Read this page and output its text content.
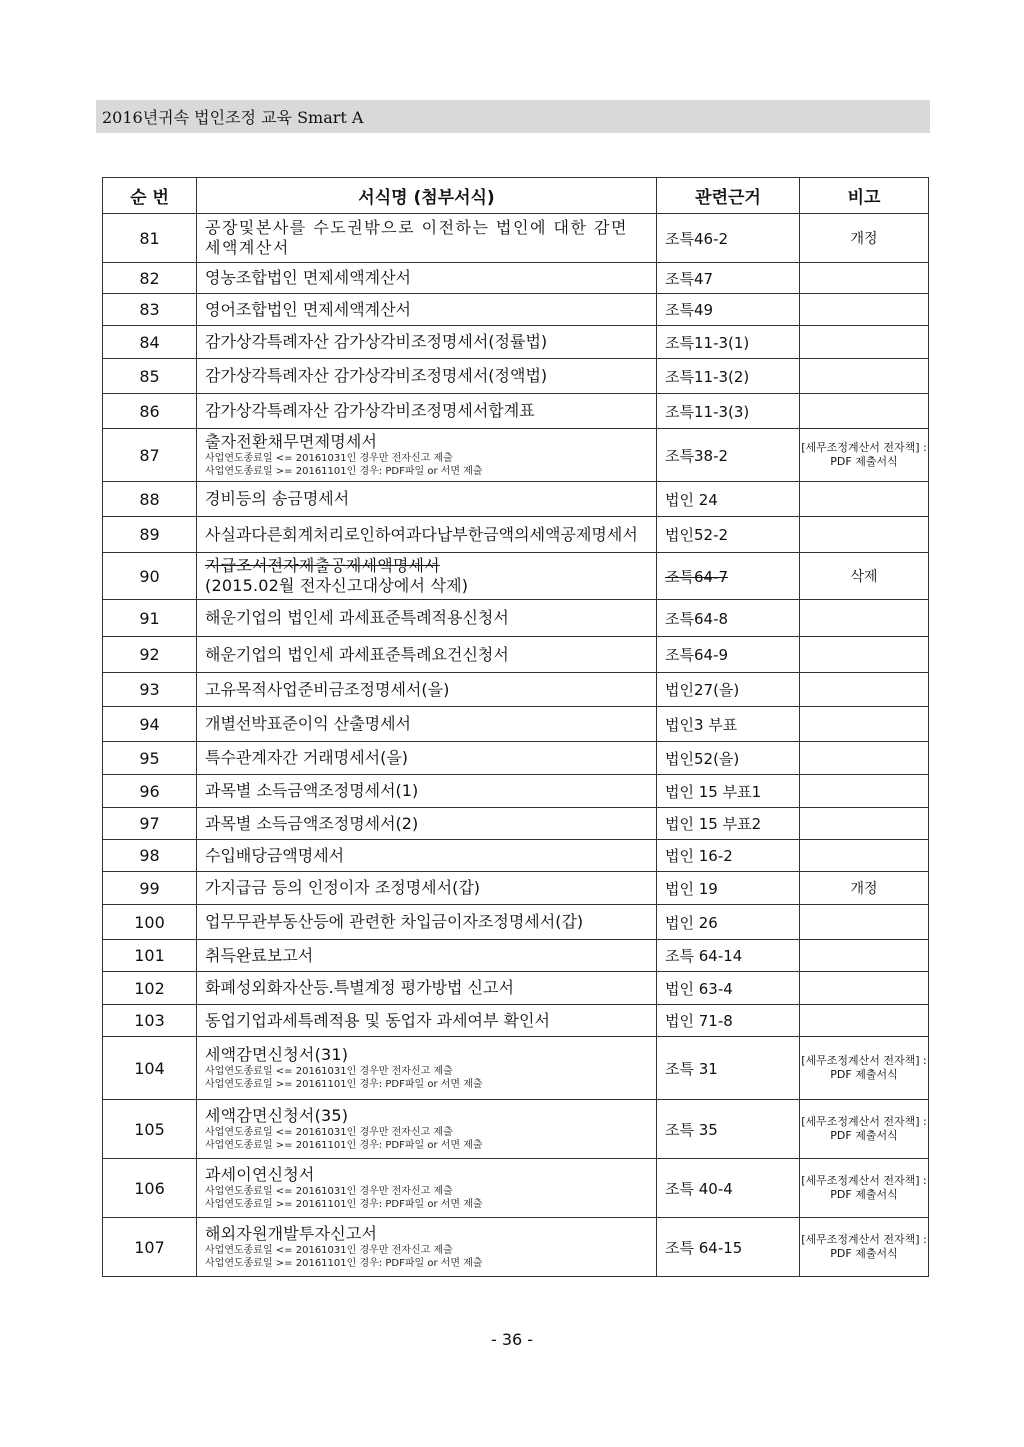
2016년귀속 법인조정 교육 Smart A
순 번	서식명 (첨부서식)	관련근거	비고
81	공장및본사를 수도권밖으로 이전하는 법인에 대한 감면 세액계산서	조특46-2	개정
82	영농조합법인 면제세액계산서	조특47	
83	영어조합법인 면제세액계산서	조특49	
84	감가상각특례자산 감가상각비조정명세서(정률법)	조특11-3(1)	
85	감가상각특례자산 감가상각비조정명세서(정액법)	조특11-3(2)	
86	감가상각특례자산 감가상각비조정명세서합계표	조특11-3(3)	
87	출자전환채무면제명세서
사업연도종료일 <= 20161031인 경우만 전자신고 제출
사업연도종료일 >= 20161101인 경우: PDF파일 or 서면 제출	조특38-2	[세무조정계산서 전자책] : PDF 제출서식
88	경비등의 송금명세서	법인 24	
89	사실과다른회계처리로인하여과다납부한금액의세액공제명세서	법인52-2	
90	지급조서전자제출공제세액명세서
(2015.02월 전자신고대상에서 삭제)	조특64-7	삭제
91	해운기업의 법인세 과세표준특례적용신청서	조특64-8	
92	해운기업의 법인세 과세표준특례요건신청서	조특64-9	
93	고유목적사업준비금조정명세서(을)	법인27(을)	
94	개별선박표준이익 산출명세서	법인3 부표	
95	특수관계자간 거래명세서(을)	법인52(을)	
96	과목별 소득금액조정명세서(1)	법인 15 부표1	
97	과목별 소득금액조정명세서(2)	법인 15 부표2	
98	수입배당금액명세서	법인 16-2	
99	가지급금 등의 인정이자 조정명세서(갑)	법인 19	개정
100	업무무관부동산등에 관련한 차입금이자조정명세서(갑)	법인 26	
101	취득완료보고서	조특 64-14	
102	화폐성외화자산등.특별계정 평가방법 신고서	법인 63-4	
103	동업기업과세특례적용 및 동업자 과세여부 확인서	법인 71-8	
104	세액감면신청서(31)
사업연도종료일 <= 20161031인 경우만 전자신고 제출
사업연도종료일 >= 20161101인 경우: PDF파일 or 서면 제출	조특 31	[세무조정계산서 전자책] : PDF 제출서식
105	세액감면신청서(35)
사업연도종료일 <= 20161031인 경우만 전자신고 제출
사업연도종료일 >= 20161101인 경우: PDF파일 or 서면 제출	조특 35	[세무조정계산서 전자책] : PDF 제출서식
106	과세이연신청서
사업연도종료일 <= 20161031인 경우만 전자신고 제출
사업연도종료일 >= 20161101인 경우: PDF파일 or 서면 제출	조특 40-4	[세무조정계산서 전자책] : PDF 제출서식
107	해외자원개발투자신고서
사업연도종료일 <= 20161031인 경우만 전자신고 제출
사업연도종료일 >= 20161101인 경우: PDF파일 or 서면 제출	조특 64-15	[세무조정계산서 전자책] : PDF 제출서식
- 36 -
